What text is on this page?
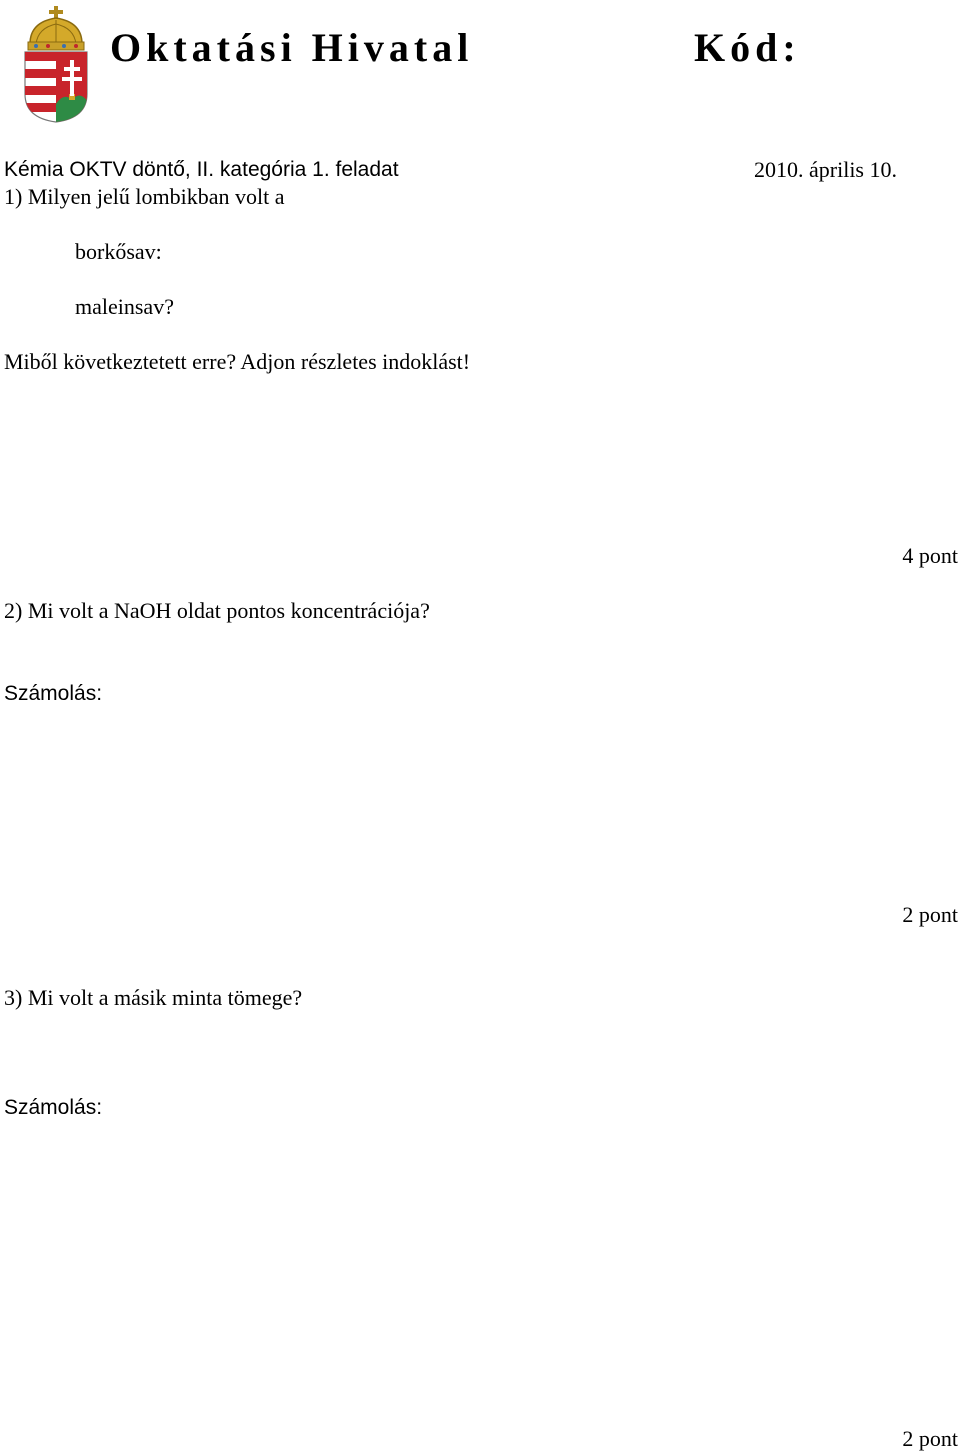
Oktatási Hivatal	Kód:
Kémia OKTV döntő, II. kategória 1. feladat	2010. április 10.
1) Milyen jelű lombikban volt a
borkősav:
maleinsav?
Miből következtetett erre? Adjon részletes indoklást!
4 pont
2) Mi volt a NaOH oldat pontos koncentrációja?
Számolás:
2 pont
3) Mi volt a másik minta tömege?
Számolás:
2 pont
